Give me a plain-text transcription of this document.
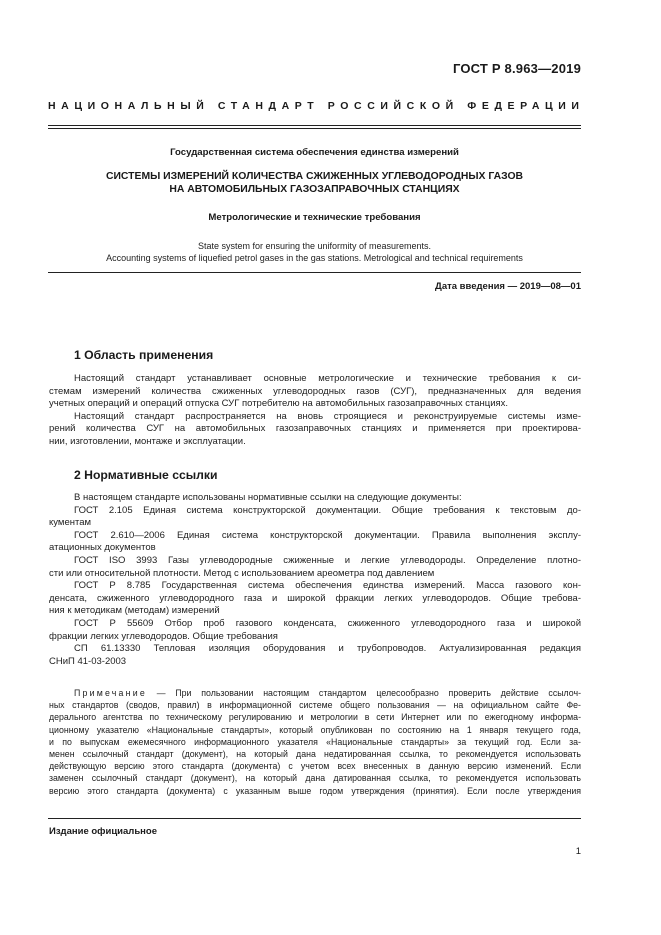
ГОСТ Р 8.963—2019
НАЦИОНАЛЬНЫЙ СТАНДАРТ РОССИЙСКОЙ ФЕДЕРАЦИИ
Государственная система обеспечения единства измерений
СИСТЕМЫ ИЗМЕРЕНИЙ КОЛИЧЕСТВА СЖИЖЕННЫХ УГЛЕВОДОРОДНЫХ ГАЗОВ
НА АВТОМОБИЛЬНЫХ ГАЗОЗАПРАВОЧНЫХ СТАНЦИЯХ
Метрологические и технические требования
State system for ensuring the uniformity of measurements.
Accounting systems of liquefied petrol gases in the gas stations. Metrological and technical requirements
Дата введения — 2019—08—01
1 Область применения
Настоящий стандарт устанавливает основные метрологические и технические требования к си-
стемам измерений количества сжиженных углеводородных газов (СУГ), предназначенных для ведения
учетных операций и операций отпуска СУГ потребителю на автомобильных газозаправочных станциях.
Настоящий стандарт распространяется на вновь строящиеся и реконструируемые системы изме-
рений количества СУГ на автомобильных газозаправочных станциях и применяется при проектирова-
нии, изготовлении, монтаже и эксплуатации.
2 Нормативные ссылки
В настоящем стандарте использованы нормативные ссылки на следующие документы:
ГОСТ 2.105 Единая система конструкторской документации. Общие требования к текстовым до-
кументам
ГОСТ 2.610—2006 Единая система конструкторской документации. Правила выполнения эксплу-
атационных документов
ГОСТ ISO 3993 Газы углеводородные сжиженные и легкие углеводороды. Определение плотно-
сти или относительной плотности. Метод с использованием ареометра под давлением
ГОСТ Р 8.785 Государственная система обеспечения единства измерений. Масса газового кон-
денсата, сжиженного углеводородного газа и широкой фракции легких углеводородов. Общие требова-
ния к методикам (методам) измерений
ГОСТ Р 55609 Отбор проб газового конденсата, сжиженного углеводородного газа и широкой
фракции легких углеводородов. Общие требования
СП 61.13330 Тепловая изоляция оборудования и трубопроводов. Актуализированная редакция
СНиП 41-03-2003
Примечание — При пользовании настоящим стандартом целесообразно проверить действие ссылоч-
ных стандартов (сводов, правил) в информационной системе общего пользования — на официальном сайте Фе-
дерального агентства по техническому регулированию и метрологии в сети Интернет или по ежегодному информа-
ционному указателю «Национальные стандарты», который опубликован по состоянию на 1 января текущего года,
и по выпускам ежемесячного информационного указателя «Национальные стандарты» за текущий год. Если за-
менен ссылочный стандарт (документ), на который дана недатированная ссылка, то рекомендуется использовать
действующую версию этого стандарта (документа) с учетом всех внесенных в данную версию изменений. Если
заменен ссылочный стандарт (документ), на который дана датированная ссылка, то рекомендуется использовать
версию этого стандарта (документа) с указанным выше годом утверждения (принятия). Если после утверждения
Издание официальное
1
